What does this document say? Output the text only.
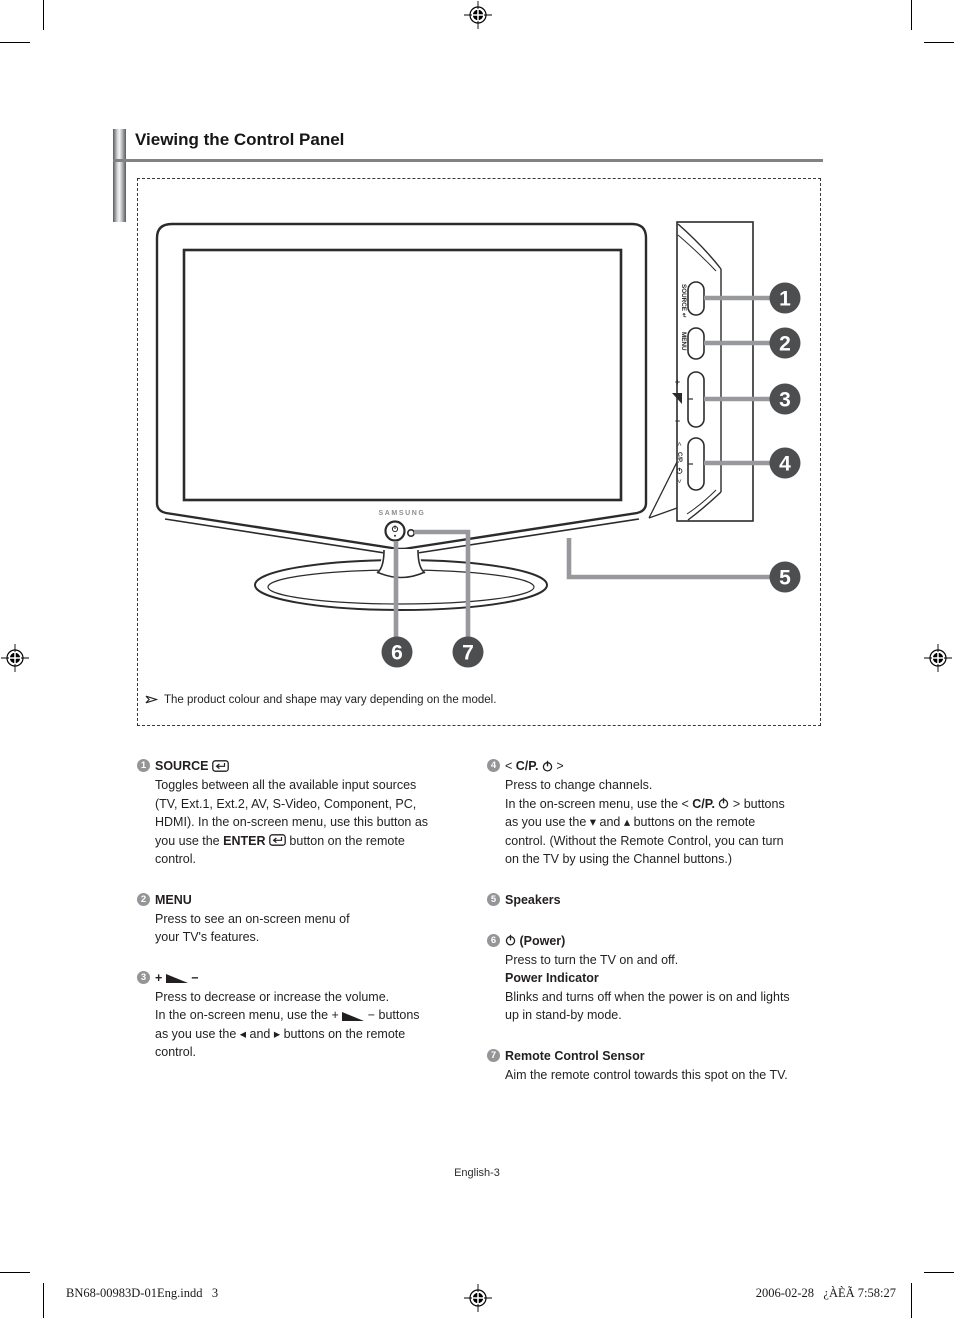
Viewing the Control Panel
SAMSUNG
SOURCE ↵
MENU
+
−
<
C/P.
>
1
2
3
4
5
6	7
The product colour and shape may vary depending on the model.
1 SOURCE
Toggles between all the available input sources
(TV, Ext.1, Ext.2, AV, S-Video, Component, PC,
HDMI). In the on-screen menu, use this button as
you use the ENTER  button on the remote
control.
2 MENU
Press to see an on-screen menu of
your TV's features.
3 +  −
Press to decrease or increase the volume.
In the on-screen menu, use the +  − buttons
as you use the ◂ and ▸ buttons on the remote
control.
4 < C/P.  >
Press to change channels.
In the on-screen menu, use the < C/P.  > buttons
as you use the ▾ and ▴ buttons on the remote
control. (Without the Remote Control, you can turn
on the TV by using the Channel buttons.)
5 Speakers
6	(Power)
Press to turn the TV on and off.
Power Indicator
Blinks and turns off when the power is on and lights
up in stand-by mode.
7 Remote Control Sensor
Aim the remote control towards this spot on the TV.
English-3
BN68-00983D-01Eng.indd   3	2006-02-28   ¿ÀÈÃ 7:58:27
